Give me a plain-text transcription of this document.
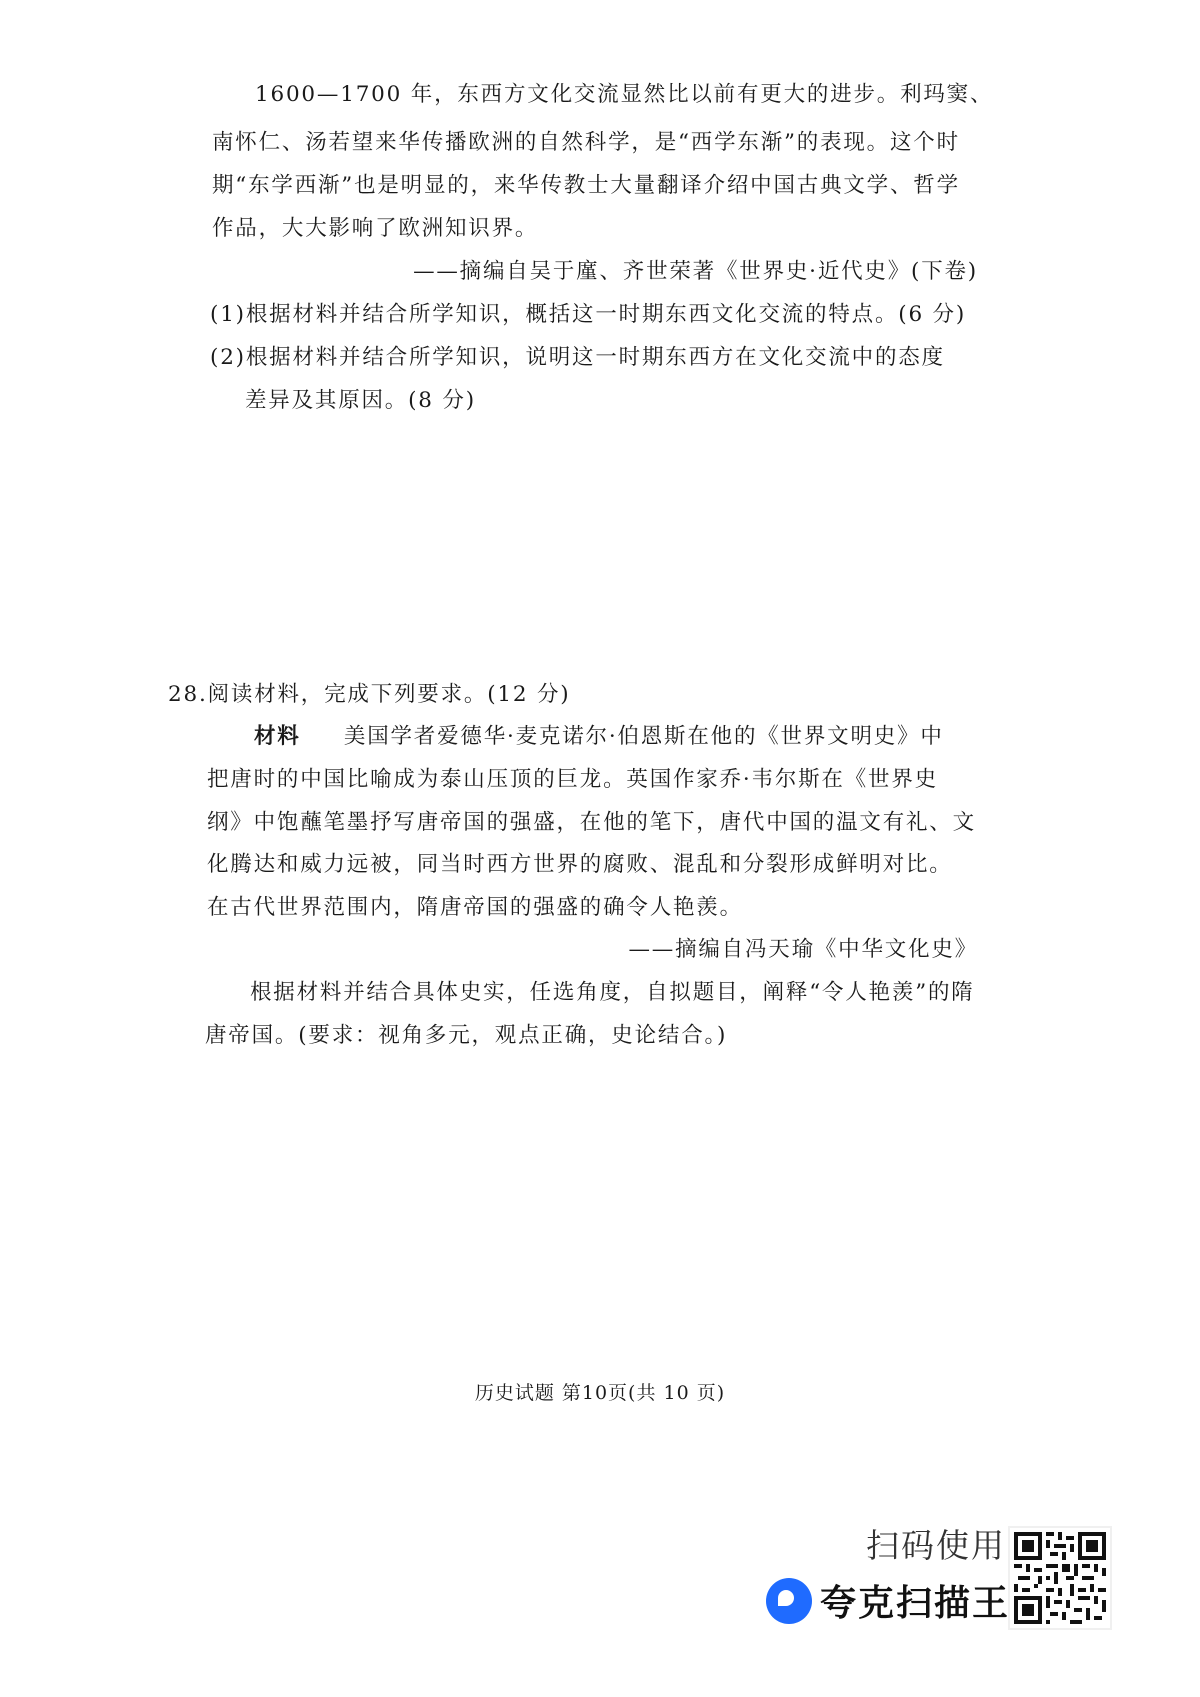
1600—1700 年，东西方文化交流显然比以前有更大的进步。利玛窦、
南怀仁、汤若望来华传播欧洲的自然科学，是“西学东渐”的表现。这个时
期“东学西渐”也是明显的，来华传教士大量翻译介绍中国古典文学、哲学
作品，大大影响了欧洲知识界。
——摘编自吴于廑、齐世荣著《世界史·近代史》(下卷)
(1)根据材料并结合所学知识，概括这一时期东西文化交流的特点。(6 分)
(2)根据材料并结合所学知识，说明这一时期东西方在文化交流中的态度
差异及其原因。(8 分)
28.阅读材料，完成下列要求。(12 分)
材料 美国学者爱德华·麦克诺尔·伯恩斯在他的《世界文明史》中
把唐时的中国比喻成为泰山压顶的巨龙。英国作家乔·韦尔斯在《世界史
纲》中饱蘸笔墨抒写唐帝国的强盛，在他的笔下，唐代中国的温文有礼、文
化腾达和威力远被，同当时西方世界的腐败、混乱和分裂形成鲜明对比。
在古代世界范围内，隋唐帝国的强盛的确令人艳羡。
——摘编自冯天瑜《中华文化史》
根据材料并结合具体史实，任选角度，自拟题目，阐释“令人艳羡”的隋
唐帝国。(要求：视角多元，观点正确，史论结合。)
历史试题 第10页(共 10 页)
扫码使用
夸克扫描王
